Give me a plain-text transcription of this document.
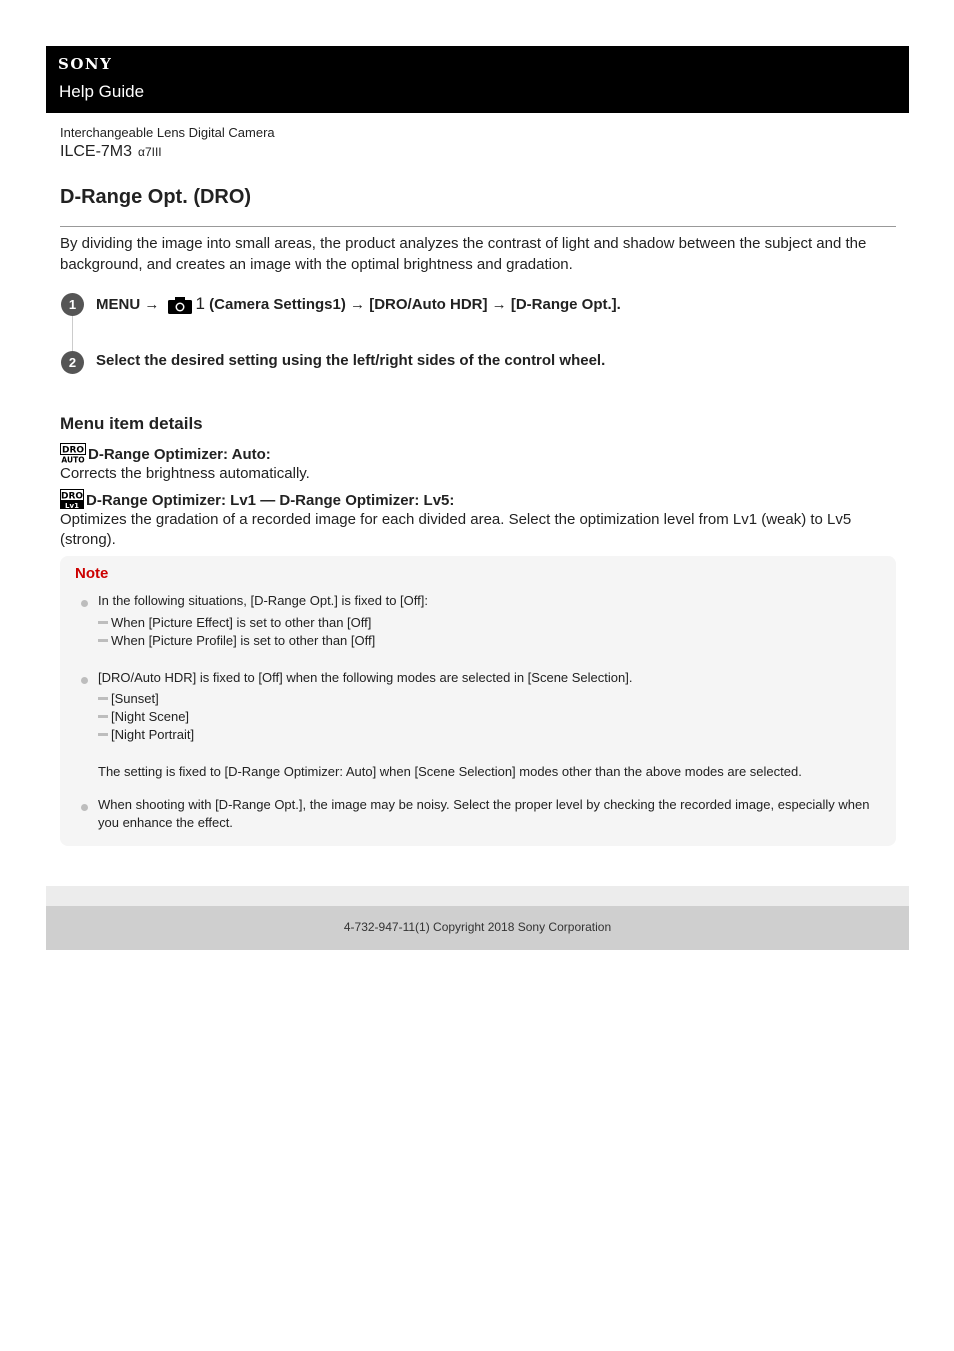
SONY
Help Guide
Interchangeable Lens Digital Camera
ILCE-7M3 α7III
D-Range Opt. (DRO)

By dividing the image into small areas, the product analyzes the contrast of light and shadow between the subject and the background, and creates an image with the optimal brightness and gradation.

1	MENU → 1 (Camera Settings1) → [DRO/Auto HDR] → [D-Range Opt.].
2	Select the desired setting using the left/right sides of the control wheel.
Menu item details
DRO
AUTO D-Range Optimizer: Auto:

Corrects the brightness automatically.

DRO
Lv1 D-Range Optimizer: Lv1 — D-Range Optimizer: Lv5:

Optimizes the gradation of a recorded image for each divided area. Select the optimization level from Lv1 (weak) to Lv5 (strong).

Note
In the following situations, [D-Range Opt.] is fixed to [Off]:
When [Picture Effect] is set to other than [Off]
When [Picture Profile] is set to other than [Off]
[DRO/Auto HDR] is fixed to [Off] when the following modes are selected in [Scene Selection].
[Sunset]
[Night Scene]
[Night Portrait]
The setting is fixed to [D-Range Optimizer: Auto] when [Scene Selection] modes other than the above modes are selected.
When shooting with [D-Range Opt.], the image may be noisy. Select the proper level by checking the recorded image, especially when you enhance the effect.
4-732-947-11(1) Copyright 2018 Sony Corporation
